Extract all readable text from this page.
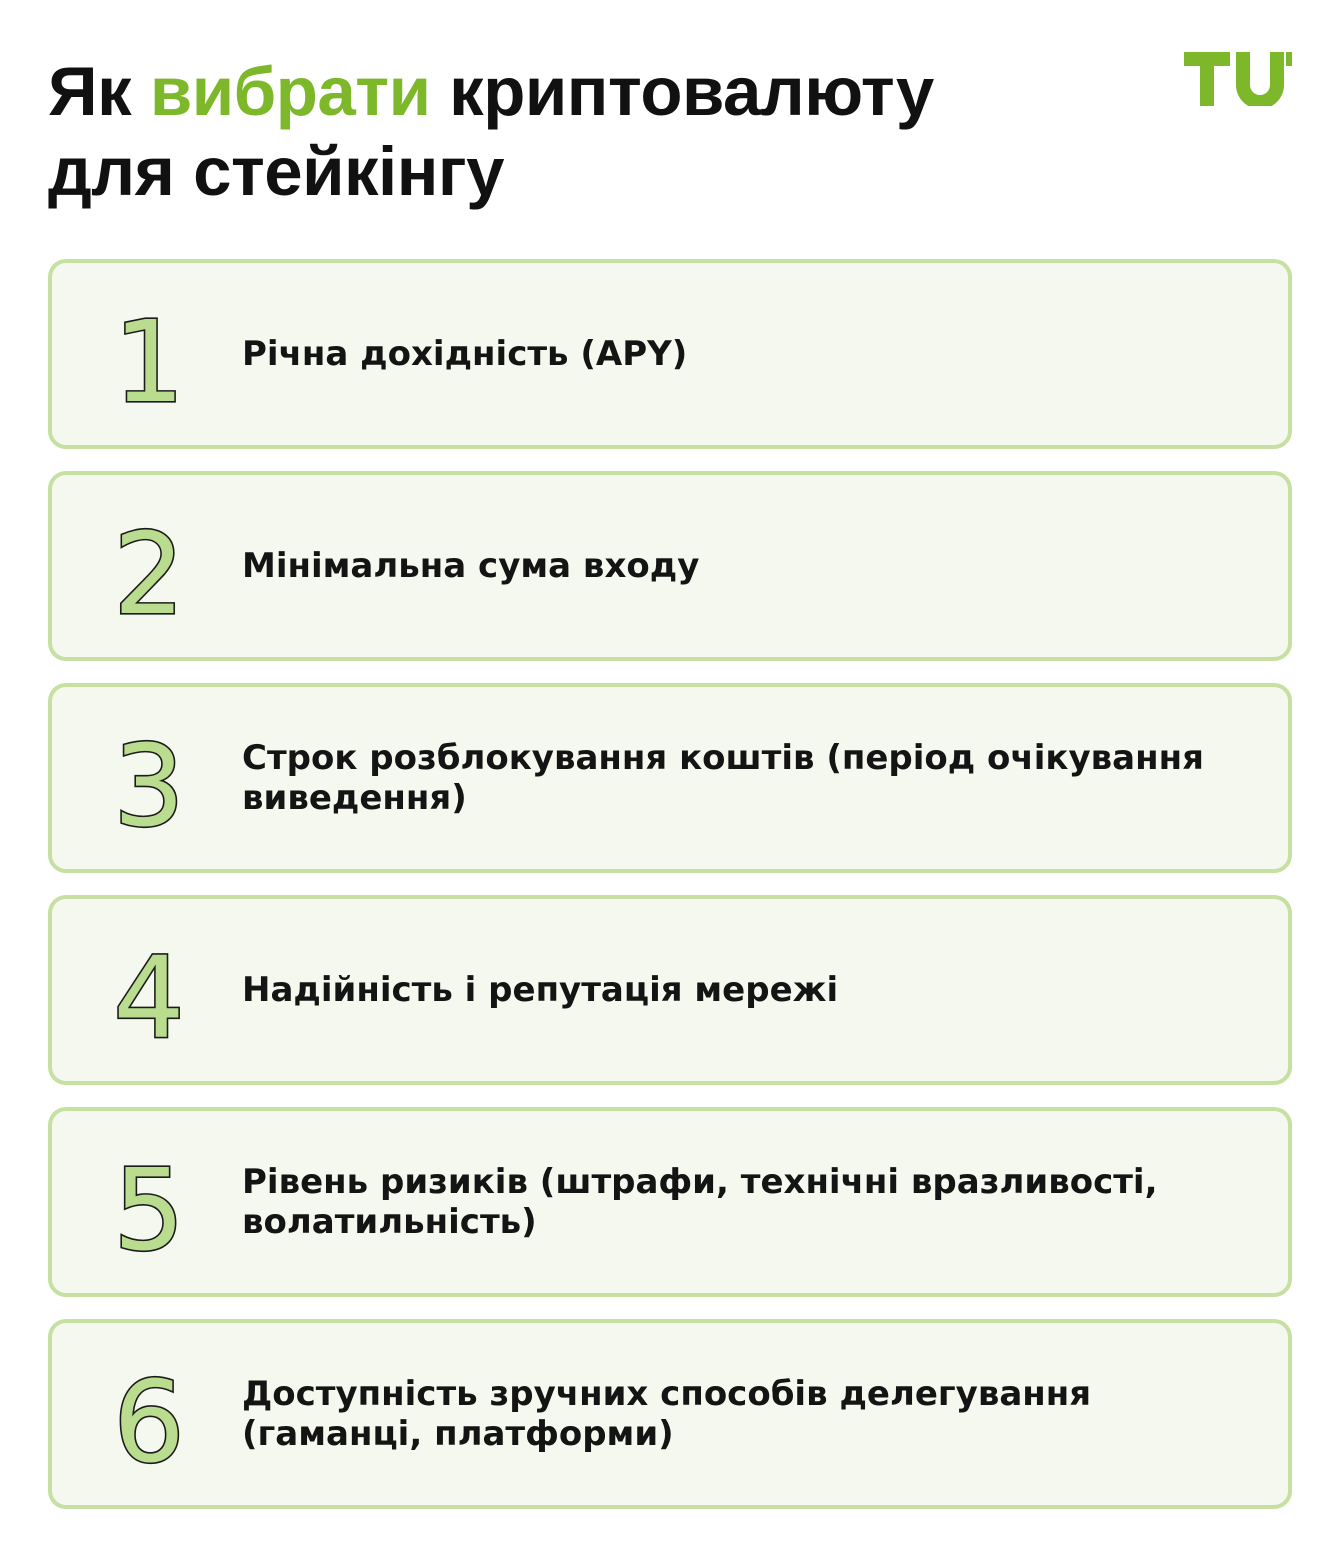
Як вибрати криптовалюту
для стейкінгу
1 Річна дохідність (APY)
2 Мінімальна сума входу
3 Строк розблокування коштів (період очікування виведення)
4 Надійність і репутація мережі
5 Рівень ризиків (штрафи, технічні вразливості, волатильність)
6 Доступність зручних способів делегування (гаманці, платформи)
